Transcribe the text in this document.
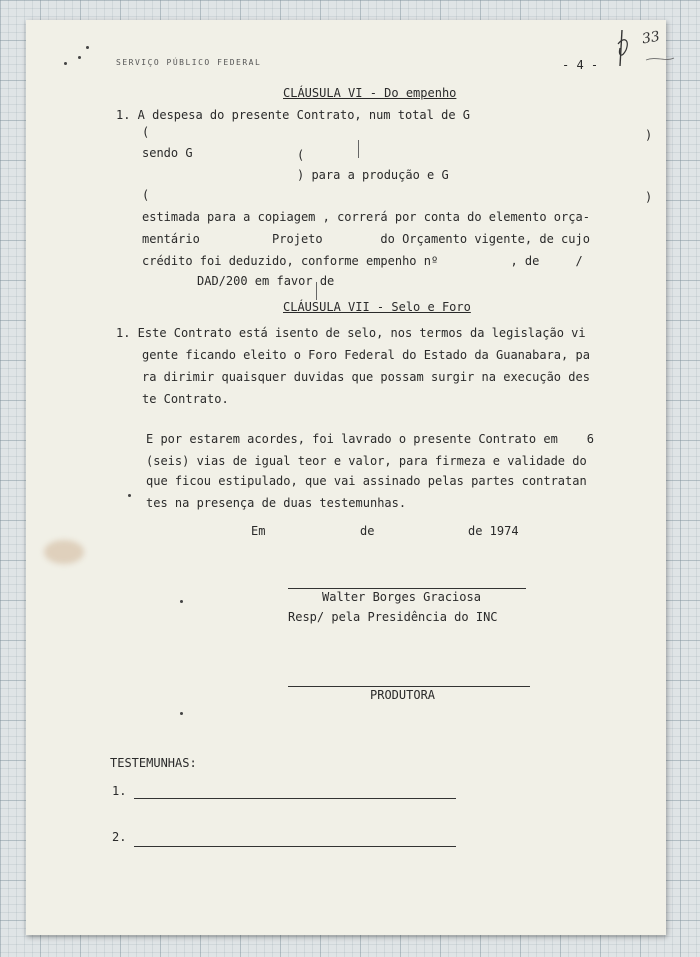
SERVIÇO PÚBLICO FEDERAL	- 4 -
33
CLÁUSULA VI - Do empenho
1. A despesa do presente Contrato, num total de G
(	)
sendo G	(
) para a produção e G
(	)
estimada para a copiagem , correrá por conta do elemento orça-
mentário          Projeto        do Orçamento vigente, de cujo
crédito foi deduzido, conforme empenho nº          , de     /
DAD/200 em favor de
CLÁUSULA VII - Selo e Foro
1. Este Contrato está isento de selo, nos termos da legislação vi
gente ficando eleito o Foro Federal do Estado da Guanabara, pa
ra dirimir quaisquer duvidas que possam surgir na execução des
te Contrato.
E por estarem acordes, foi lavrado o presente Contrato em    6
(seis) vias de igual teor e valor, para firmeza e validade do
que ficou estipulado, que vai assinado pelas partes contratan
tes na presença de duas testemunhas.
Em	de	de 1974
Walter Borges Graciosa
Resp/ pela Presidência do INC
PRODUTORA
TESTEMUNHAS:
1.
2.
